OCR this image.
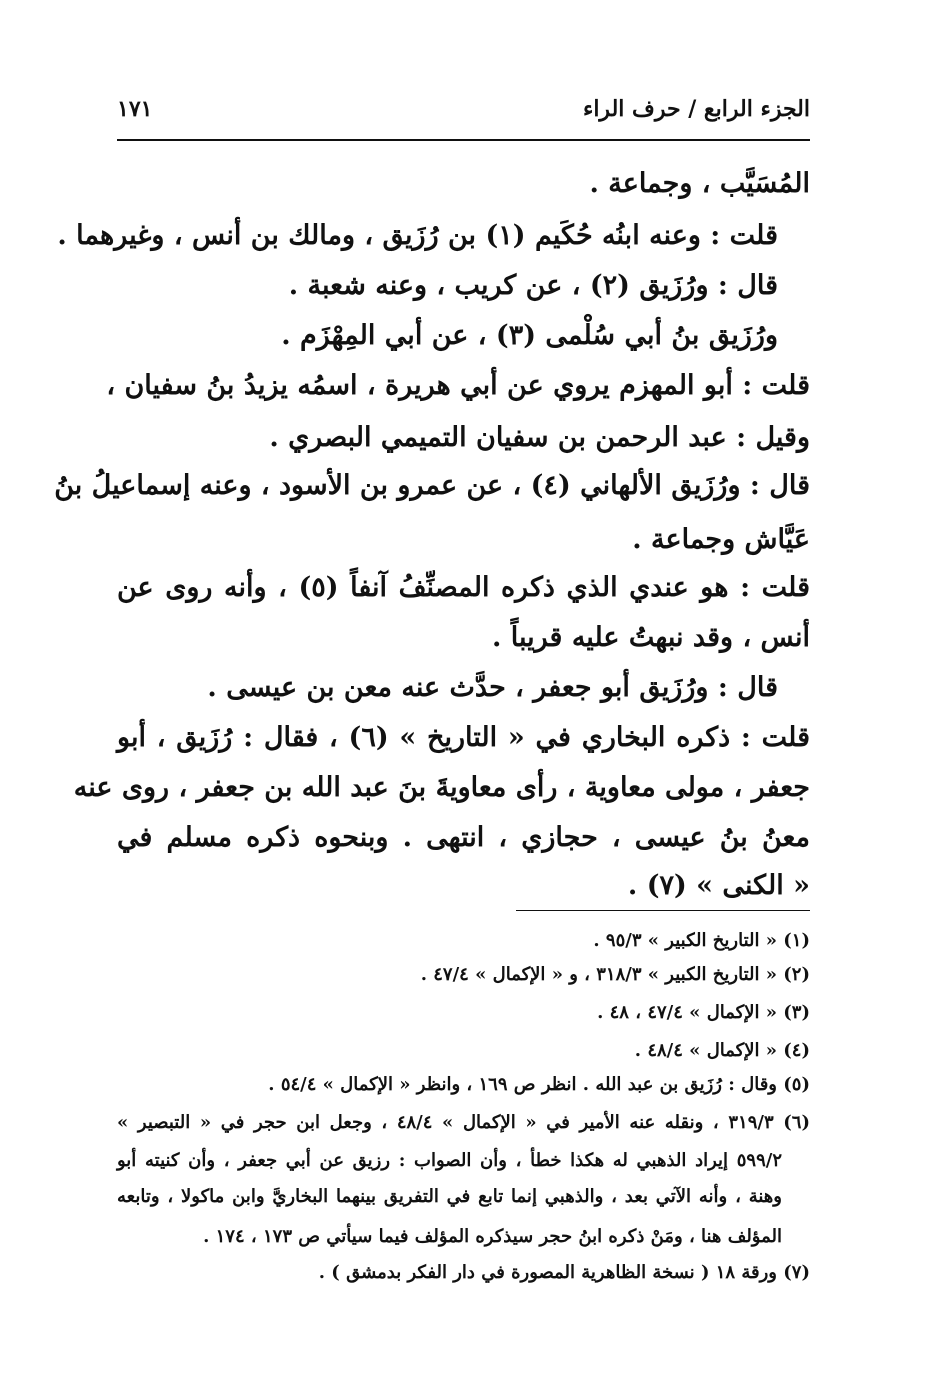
الجزء الرابع / حرف الراء
١٧١
المُسَيَّب ، وجماعة .
قلت : وعنه ابنُه حُكَيم (١) بن رُزَيق ، ومالك بن أنس ، وغيرهما .
قال : ورُزَيق (٢) ، عن كريب ، وعنه شعبة .
ورُزَيق بنُ أبي سُلْمى (٣) ، عن أبي المِهْزَم .
قلت : أبو المهزم يروي عن أبي هريرة ، اسمُه يزيدُ بنُ سفيان ،
وقيل : عبد الرحمن بن سفيان التميمي البصري .
قال : ورُزَيق الألهاني (٤) ، عن عمرو بن الأسود ، وعنه إسماعيلُ بنُ
عَيَّاش وجماعة .
قلت : هو عندي الذي ذكره المصنِّفُ آنفاً (٥) ، وأنه روى عن
أنس ، وقد نبهتُ عليه قريباً .
قال : ورُزَيق أبو جعفر ، حدَّث عنه معن بن عيسى .
قلت : ذكره البخاري في « التاريخ » (٦) ، فقال : رُزَيق ، أبو
جعفر ، مولى معاوية ، رأى معاويةَ بنَ عبد الله بن جعفر ، روى عنه
معنُ بنُ عيسى ، حجازي ، انتهى . وبنحوه ذكره مسلم في
« الكنى » (٧) .
(١) « التاريخ الكبير » ٩٥/٣ .
(٢) « التاريخ الكبير » ٣١٨/٣ ، و « الإكمال » ٤٧/٤ .
(٣) « الإكمال » ٤٧/٤ ، ٤٨ .
(٤) « الإكمال » ٤٨/٤ .
(٥) وقال : رُزَيق بن عبد الله . انظر ص ١٦٩ ، وانظر « الإكمال » ٥٤/٤ .
(٦) ٣١٩/٣ ، ونقله عنه الأمير في « الإكمال » ٤٨/٤ ، وجعل ابن حجر في « التبصير »
٥٩٩/٢ إيراد الذهبي له هكذا خطأ ، وأن الصواب : رزيق عن أبي جعفر ، وأن كنيته أبو
وهنة ، وأنه الآتي بعد ، والذهبي إنما تابع في التفريق بينهما البخاريَّ وابن ماكولا ، وتابعه
المؤلف هنا ، ومَنْ ذكره ابنُ حجر سيذكره المؤلف فيما سيأتي ص ١٧٣ ، ١٧٤ .
(٧) ورقة ١٨ ( نسخة الظاهرية المصورة في دار الفكر بدمشق ) .
